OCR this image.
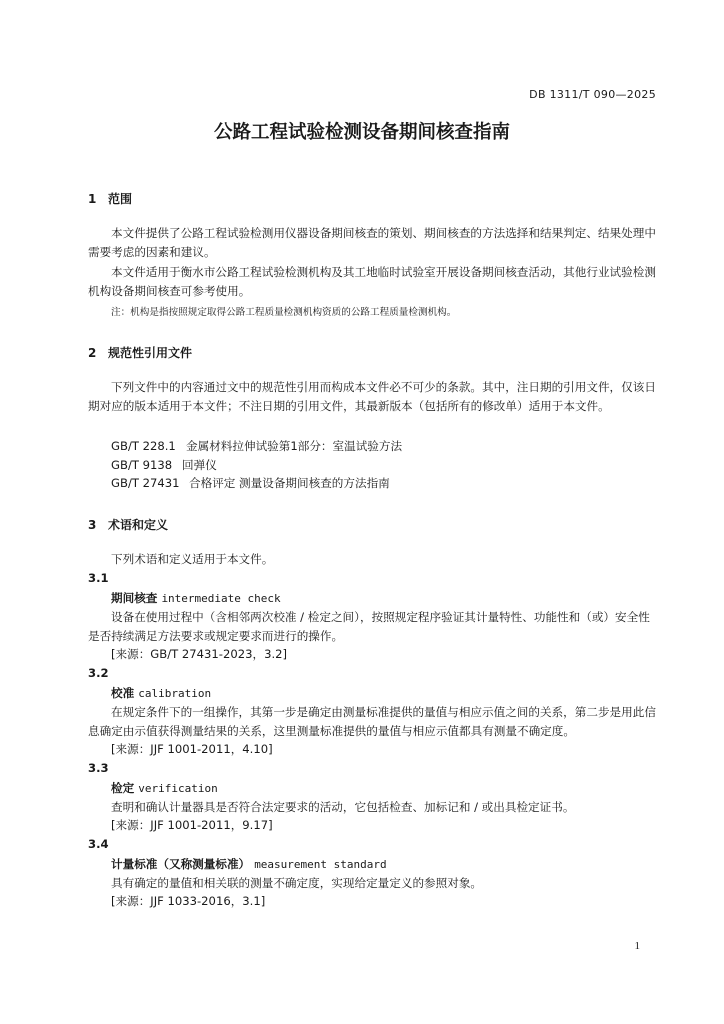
DB 1311/T 090—2025
公路工程试验检测设备期间核查指南
1 范围
本文件提供了公路工程试验检测用仪器设备期间核查的策划、期间核查的方法选择和结果判定、结果处理中需要考虑的因素和建议。
本文件适用于衡水市公路工程试验检测机构及其工地临时试验室开展设备期间核查活动，其他行业试验检测机构设备期间核查可参考使用。
注：机构是指按照规定取得公路工程质量检测机构资质的公路工程质量检测机构。
2 规范性引用文件
下列文件中的内容通过文中的规范性引用而构成本文件必不可少的条款。其中，注日期的引用文件，仅该日期对应的版本适用于本文件；不注日期的引用文件，其最新版本（包括所有的修改单）适用于本文件。
GB/T 228.1 金属材料拉伸试验第1部分：室温试验方法
GB/T 9138 回弹仪
GB/T 27431 合格评定 测量设备期间核查的方法指南
3 术语和定义
下列术语和定义适用于本文件。
3.1
期间核查 intermediate check
设备在使用过程中（含相邻两次校准 / 检定之间），按照规定程序验证其计量特性、功能性和（或）安全性是否持续满足方法要求或规定要求而进行的操作。
[来源：GB/T 27431-2023，3.2]
3.2
校准 calibration
在规定条件下的一组操作，其第一步是确定由测量标准提供的量值与相应示值之间的关系，第二步是用此信息确定由示值获得测量结果的关系，这里测量标准提供的量值与相应示值都具有测量不确定度。
[来源：JJF 1001-2011，4.10]
3.3
检定 verification
查明和确认计量器具是否符合法定要求的活动，它包括检查、加标记和 / 或出具检定证书。
[来源：JJF 1001-2011，9.17]
3.4
计量标准（又称测量标准） measurement standard
具有确定的量值和相关联的测量不确定度，实现给定量定义的参照对象。
[来源：JJF 1033-2016，3.1]
1
